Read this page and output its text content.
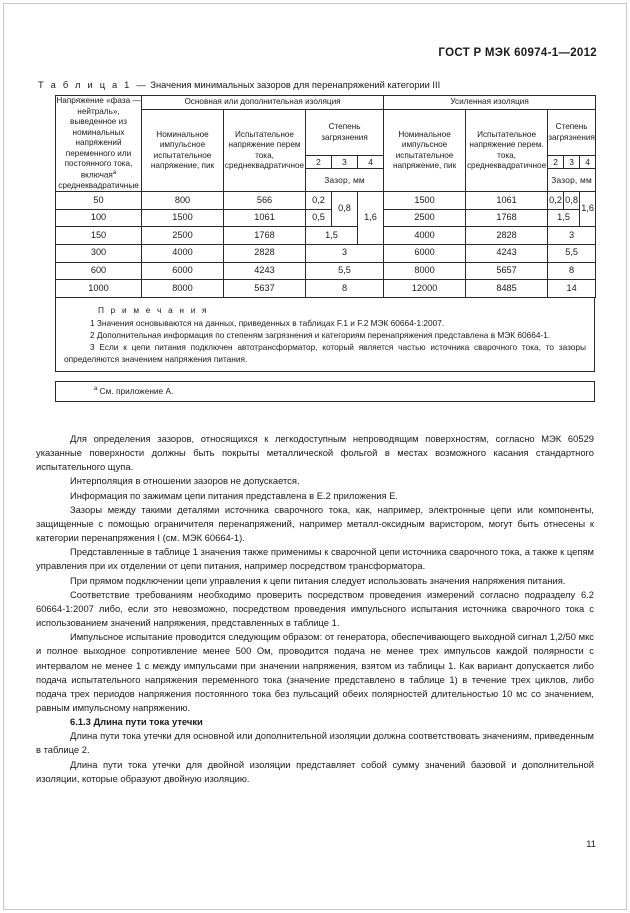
ГОСТ Р МЭК 60974-1—2012
Т а б л и ц а 1 — Значения минимальных зазоров для перенапряжений категории III
Напряжение «фаза — нейтраль», выведенное из номинальных напряжений переменного или постоянного тока, включая$^a$ среднеквадратичные	Основная или дополнительная изоляция					Усиленная изоляция				
	Номинальное импульсное испытательное напряжение, пик	Испытательное напряжение перем тока, среднеквадратичное	Степень загрязнения			Номинальное импульсное испытательное напряжение, пик	Испытательное напряжение перем. тока, среднеквадратичное	Степень загрязнения		
			2	3	4			2	3	4
			Зазор, мм					Зазор, мм		
50	800	566	0,2	0,8	1,6	1500	1061	0,2	0,8	1,6
100	1500	1061	0,5			2500	1768	1,5		
150	2500	1768	1,5			4000	2828	3		
300	4000	2828	3			6000	4243	5,5		
600	6000	4243	5,5			8000	5657	8		
1000	8000	5637	8			12000	8485	14		
П р и м е ч а н и я
1 Значения основываются на данных, приведенных в таблицах F.1 и F.2 МЭК 60664-1:2007.
2 Дополнительная информация по степеням загрязнения и категориям перенапряжения представлена в МЭК 60664-1.
3 Если к цепи питания подключен автотрансформатор, который является частью источника сварочного тока, то зазоры определяются значением напряжения питания.
$^a$ См. приложение А.

Для определения зазоров, относящихся к легкодоступным непроводящим поверхностям, согласно МЭК 60529 указанные поверхности должны быть покрыты металлической фольгой в местах возможного касания стандартного испытательного щупа.

Интерполяция в отношении зазоров не допускается.

Информация по зажимам цепи питания представлена в Е.2 приложения Е.

Зазоры между такими деталями источника сварочного тока, как, например, электронные цепи или компоненты, защищенные с помощью ограничителя перенапряжений, например металл-оксидным варистором, могут быть отнесены к категории перенапряжения I (см. МЭК 60664-1).

Представленные в таблице 1 значения также применимы к сварочной цепи источника сварочного тока, а также к цепям управления при их отделении от цепи питания, например посредством трансформатора.

При прямом подключении цепи управления к цепи питания следует использовать значения напряжения питания.

Соответствие требованиям необходимо проверить посредством проведения измерений согласно подразделу 6.2 60664-1:2007 либо, если это невозможно, посредством проведения импульсного испытания источника сварочного тока с использованием значений напряжения, представленных в таблице 1.

Импульсное испытание проводится следующим образом: от генератора, обеспечивающего выходной сигнал 1,2/50 мкс и полное выходное сопротивление менее 500 Ом, проводится подача не менее трех импульсов каждой полярности с интервалом не менее 1 с между импульсами при значении напряжения, взятом из таблицы 1. Как вариант допускается либо подача испытательного напряжения переменного тока (значение представлено в таблице 1) в течение трех циклов, либо подача трех периодов напряжения постоянного тока без пульсаций обеих полярностей длительностью 10 мс со значением, равным импульсному напряжению.

6.1.3 Длина пути тока утечки

Длина пути тока утечки для основной или дополнительной изоляции должна соответствовать значениям, приведенным в таблице 2.

Длина пути тока утечки для двойной изоляции представляет собой сумму значений базовой и дополнительной изоляции, которые образуют двойную изоляцию.

11
